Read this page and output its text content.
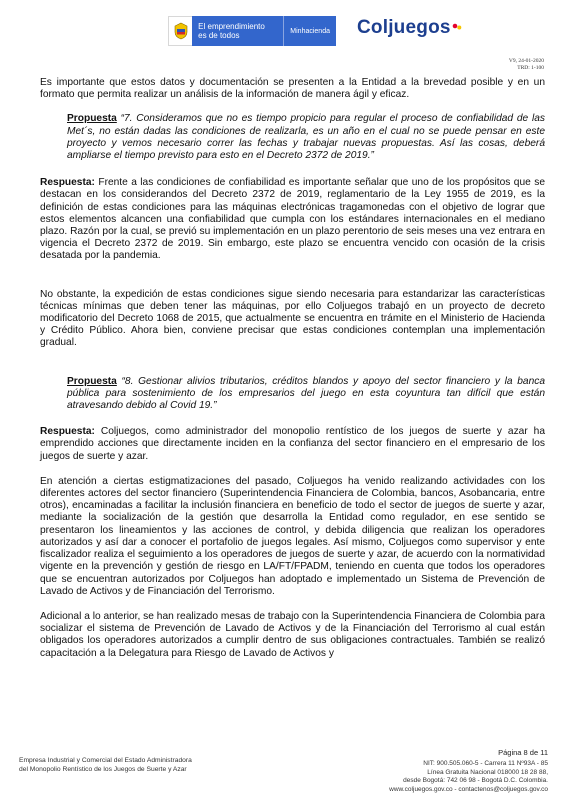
El emprendimiento
es de todos	Minhacienda	Coljuegos
V9, 24-01-2020
TRD: 1-100

Es importante que estos datos y documentación se presenten a la Entidad a la brevedad posible y en un formato que permita realizar un análisis de la información de manera ágil y eficaz.

Propuesta “7. Consideramos que no es tiempo propicio para regular el proceso de confiabilidad de las Met´s, no están dadas las condiciones de realizarla, es un año en el cual no se puede pensar en este proyecto y vemos necesario correr las fechas y trabajar nuevas propuestas. Así las cosas, deberá ampliarse el tiempo previsto para esto en el Decreto 2372 de 2019.”

Respuesta: Frente a las condiciones de confiabilidad es importante señalar que uno de los propósitos que se destacan en los considerandos del Decreto 2372 de 2019, reglamentario de la Ley 1955 de 2019, es la definición de estas condiciones para las máquinas electrónicas tragamonedas con el objetivo de lograr que estos elementos alcancen una confiabilidad que cumpla con los estándares internacionales en el mediano plazo. Razón por la cual, se previó su implementación en un plazo perentorio de seis meses una vez entrara en vigencia el Decreto 2372 de 2019. Sin embargo, este plazo se encuentra vencido con ocasión de la crisis desatada por la pandemia.

No obstante, la expedición de estas condiciones sigue siendo necesaria para estandarizar las características técnicas mínimas que deben tener las máquinas, por ello Coljuegos trabajó en un proyecto de decreto modificatorio del Decreto 1068 de 2015, que actualmente se encuentra en trámite en el Ministerio de Hacienda y Crédito Público. Ahora bien, conviene precisar que estas condiciones contemplan una implementación gradual.

Propuesta “8. Gestionar alivios tributarios, créditos blandos y apoyo del sector financiero y la banca pública para sostenimiento de los empresarios del juego en esta coyuntura tan difícil que están atravesando debido al Covid 19.”

Respuesta: Coljuegos, como administrador del monopolio rentístico de los juegos de suerte y azar ha emprendido acciones que directamente inciden en la confianza del sector financiero en el empresario de los juegos de suerte y azar.

En atención a ciertas estigmatizaciones del pasado, Coljuegos ha venido realizando actividades con los diferentes actores del sector financiero (Superintendencia Financiera de Colombia, bancos, Asobancaria, entre otros), encaminadas a facilitar la inclusión financiera en beneficio de todo el sector de juegos de suerte y azar, mediante la socialización de la gestión que desarrolla la Entidad como regulador, en ese sentido se presentaron los lineamientos y las acciones de control, y debida diligencia que realizan los operadores autorizados y así dar a conocer el portafolio de juegos legales. Así mismo, Coljuegos como supervisor y ente fiscalizador realiza el seguimiento a los operadores de juegos de suerte y azar, de acuerdo con la normatividad vigente en la prevención y gestión de riesgo en LA/FT/FPADM, teniendo en cuenta que todos los operadores que se encuentran autorizados por Coljuegos han adoptado e implementado un Sistema de Prevención de Lavado de Activos y de Financiación del Terrorismo.

Adicional a lo anterior, se han realizado mesas de trabajo con la Superintendencia Financiera de Colombia para socializar el sistema de Prevención de Lavado de Activos y de la Financiación del Terrorismo al cual están obligados los operadores autorizados a cumplir dentro de sus obligaciones contractuales. También se realizó capacitación a la Delegatura para Riesgo de Lavado de Activos y

Empresa Industrial y Comercial del Estado Administradora
del Monopolio Rentístico de los Juegos de Suerte y Azar
Página 8 de 11
NIT: 900.505.060-5 - Carrera 11 Nº93A - 85
Línea Gratuita Nacional 018000 18 28 88,
desde Bogotá: 742 06 98 - Bogotá D.C. Colombia.
www.coljuegos.gov.co - contactenos@coljuegos.gov.co
